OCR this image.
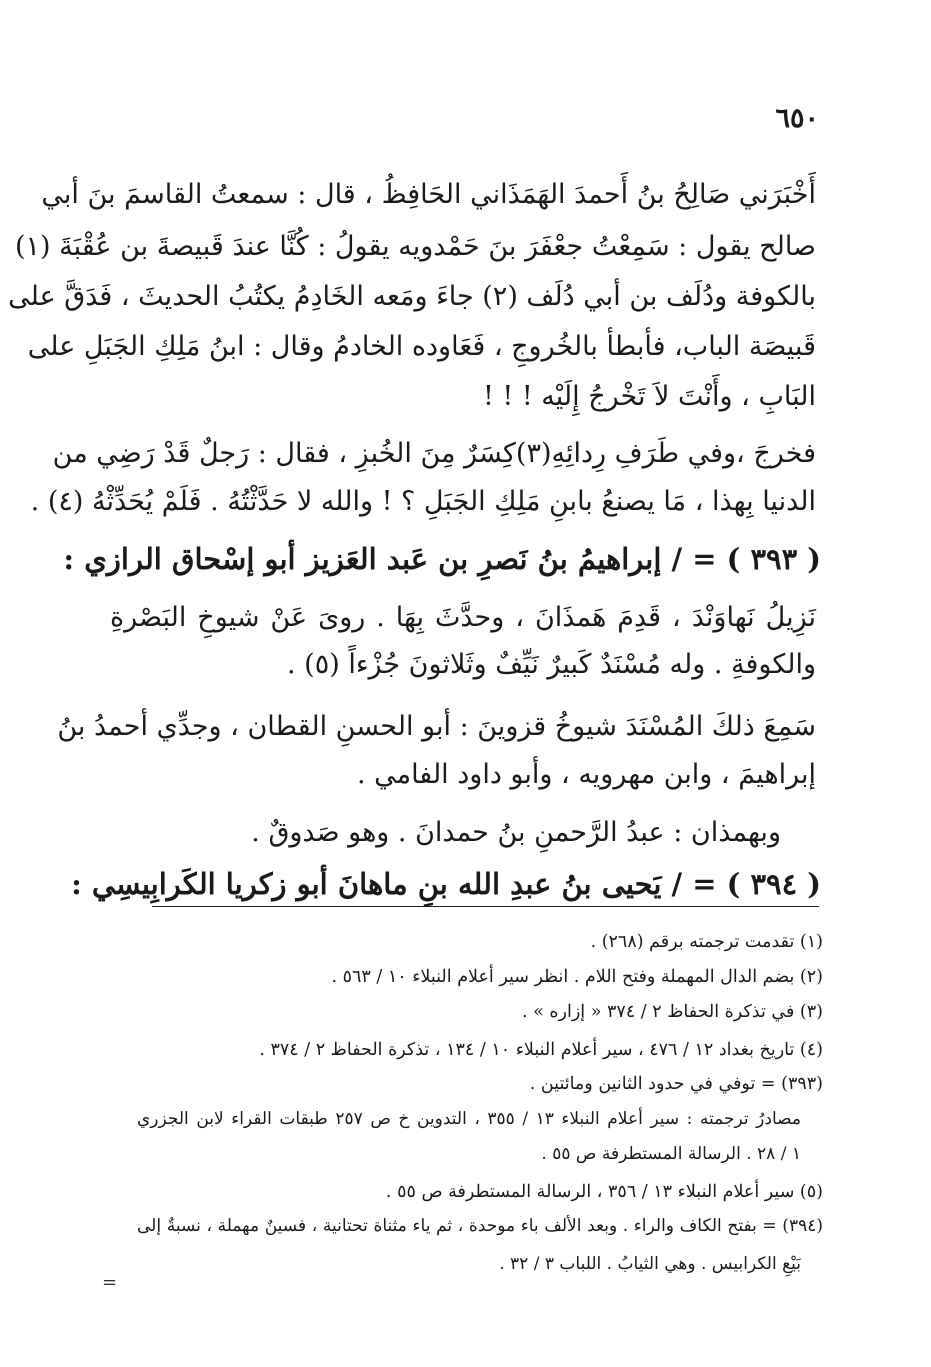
٦٥٠
أَخْبَرَني صَالِحُ بنُ أَحمدَ الهَمَذَاني الحَافِظُ ، قال : سمعتُ القاسمَ بنَ أبي
صالح يقول : سَمِعْتُ جعْفَرَ بنَ حَمْدويه يقولُ : كُنَّا عندَ قَبيصةَ بن عُقْبَةَ (١)
بالكوفة ودُلَف بن أبي دُلَف (٢) جاءَ ومَعه الخَادِمُ يكتُبُ الحديثَ ، فَدَقَّ على
قَبيصَة الباب، فأبطأ بالخُروجِ ، فَعَاوده الخادمُ وقال : ابنُ مَلِكِ الجَبَلِ على
البَابِ ، وأَنْتَ لاَ تَخْرجُ إِلَيْه ! ! !
فخرجَ ،وفي طَرَفِ رِدائِهِ(٣)كِسَرٌ مِنَ الخُبزِ ، فقال : رَجلٌ قَدْ رَضِي من
الدنيا بِهذا ، مَا يصنعُ بابنِ مَلِكِ الجَبَلِ ؟ ! والله لا حَدَّثْتُهُ . فَلَمْ يُحَدِّثْهُ (٤) .
( ٣٩٣ ) = / إبراهيمُ بنُ نَصرِ بن عَبد العَزيز أبو إسْحاق الرازي :
نَزِيلُ نَهاوَنْدَ ، قَدِمَ هَمذَانَ ، وحدَّثَ بِهَا . روىَ عَنْ شيوخِ البَصْرةِ
والكوفةِ . وله مُسْنَدٌ كَبيرٌ نَيِّفٌ وثَلاثونَ جُزْءاً (٥) .
سَمِعَ ذلكَ المُسْنَدَ شيوخُ قزوينَ : أبو الحسنِ القطان ، وجدِّي أحمدُ بنُ
إبراهيمَ ، وابن مهرويه ، وأبو داود الفامي .
وبهمذان : عبدُ الرَّحمنِ بنُ حمدانَ . وهو صَدوقٌ .
( ٣٩٤ ) = / يَحيى بنُ عبدِ الله بنِ ماهانَ أبو زكريا الكَرابِيسِي :
(١) تقدمت ترجمته برقم (٢٦٨) .
(٢) بضم الدال المهملة وفتح اللام . انظر سير أعلام النبلاء ١٠ / ٥٦٣ .
(٣) في تذكرة الحفاظ ٢ / ٣٧٤ « إزاره » .
(٤) تاريخ بغداد ١٢ / ٤٧٦ ، سير أعلام النبلاء ١٠ / ١٣٤ ، تذكرة الحفاظ ٢ / ٣٧٤ .
(٣٩٣) = توفي في حدود الثانين ومائتين .
مصادرُ ترجمته : سير أعلام النبلاء ١٣ / ٣٥٥ ، التدوين خ ص ٢٥٧ طبقات القراء لابن الجزري
١ / ٢٨ . الرسالة المستطرفة ص ٥٥ .
(٥) سير أعلام النبلاء ١٣ / ٣٥٦ ، الرسالة المستطرفة ص ٥٥ .
(٣٩٤) = بفتح الكاف والراء . وبعد الألف باء موحدة ، ثم ياء مثناة تحتانية ، فسينٌ مهملة ، نسبةٌ إلى
بَيْعِ الكرابيس . وهي الثيابُ . اللباب ٣ / ٣٢ .
=
